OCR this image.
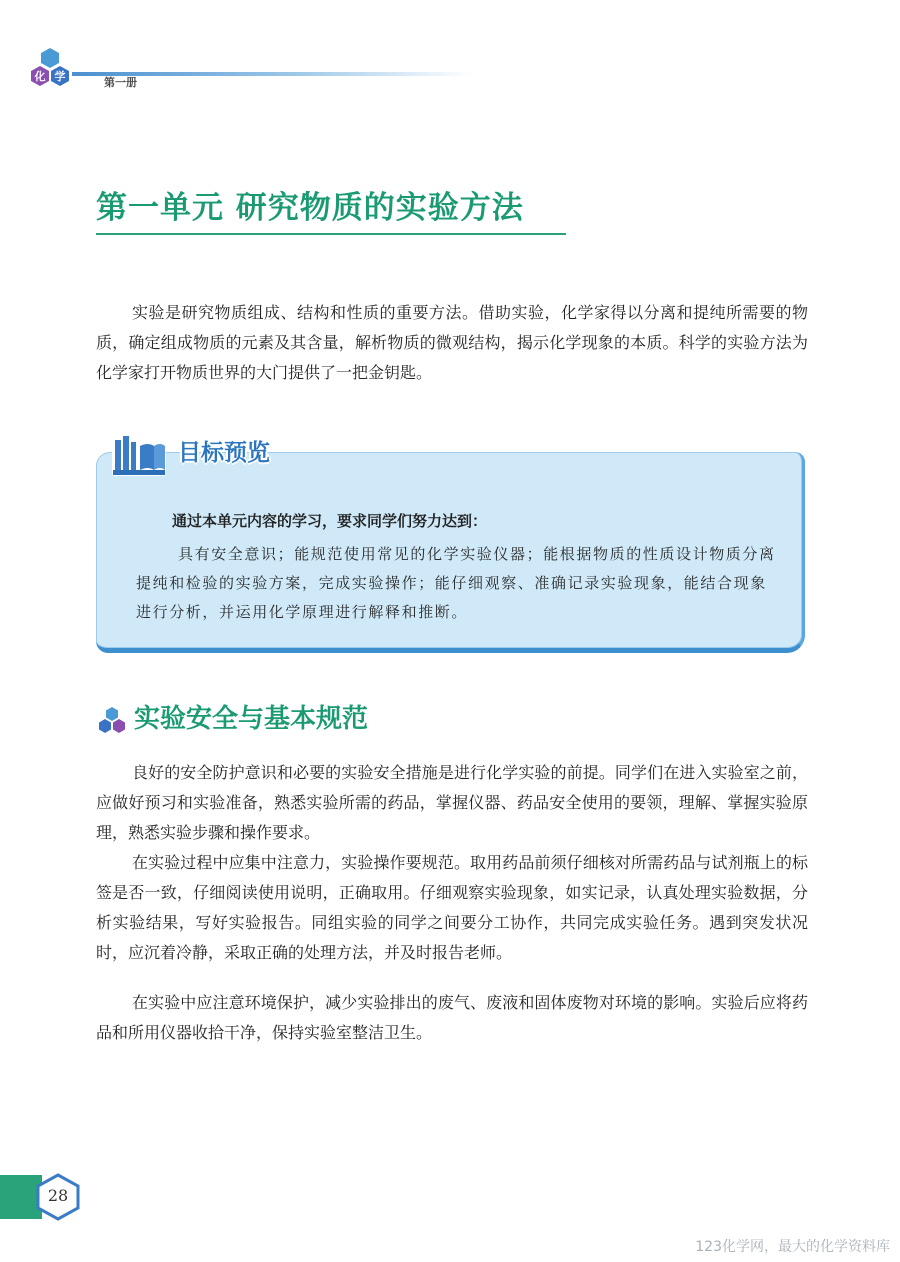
化 学	第一册
第一单元 研究物质的实验方法

实验是研究物质组成、结构和性质的重要方法。借助实验，化学家得以分离和提纯所需要的物质，确定组成物质的元素及其含量，解析物质的微观结构，揭示化学现象的本质。科学的实验方法为化学家打开物质世界的大门提供了一把金钥匙。

通过本单元内容的学习，要求同学们努力达到：

具有安全意识；能规范使用常见的化学实验仪器；能根据物质的性质设计物质分离提纯和检验的实验方案，完成实验操作；能仔细观察、准确记录实验现象，能结合现象进行分析，并运用化学原理进行解释和推断。

目标预览
实验安全与基本规范

良好的安全防护意识和必要的实验安全措施是进行化学实验的前提。同学们在进入实验室之前，应做好预习和实验准备，熟悉实验所需的药品，掌握仪器、药品安全使用的要领，理解、掌握实验原理，熟悉实验步骤和操作要求。

在实验过程中应集中注意力，实验操作要规范。取用药品前须仔细核对所需药品与试剂瓶上的标签是否一致，仔细阅读使用说明，正确取用。仔细观察实验现象，如实记录，认真处理实验数据，分析实验结果，写好实验报告。同组实验的同学之间要分工协作，共同完成实验任务。遇到突发状况时，应沉着冷静，采取正确的处理方法，并及时报告老师。

在实验中应注意环境保护，减少实验排出的废气、废液和固体废物对环境的影响。实验后应将药品和所用仪器收拾干净，保持实验室整洁卫生。

28
123化学网，最大的化学资料库
